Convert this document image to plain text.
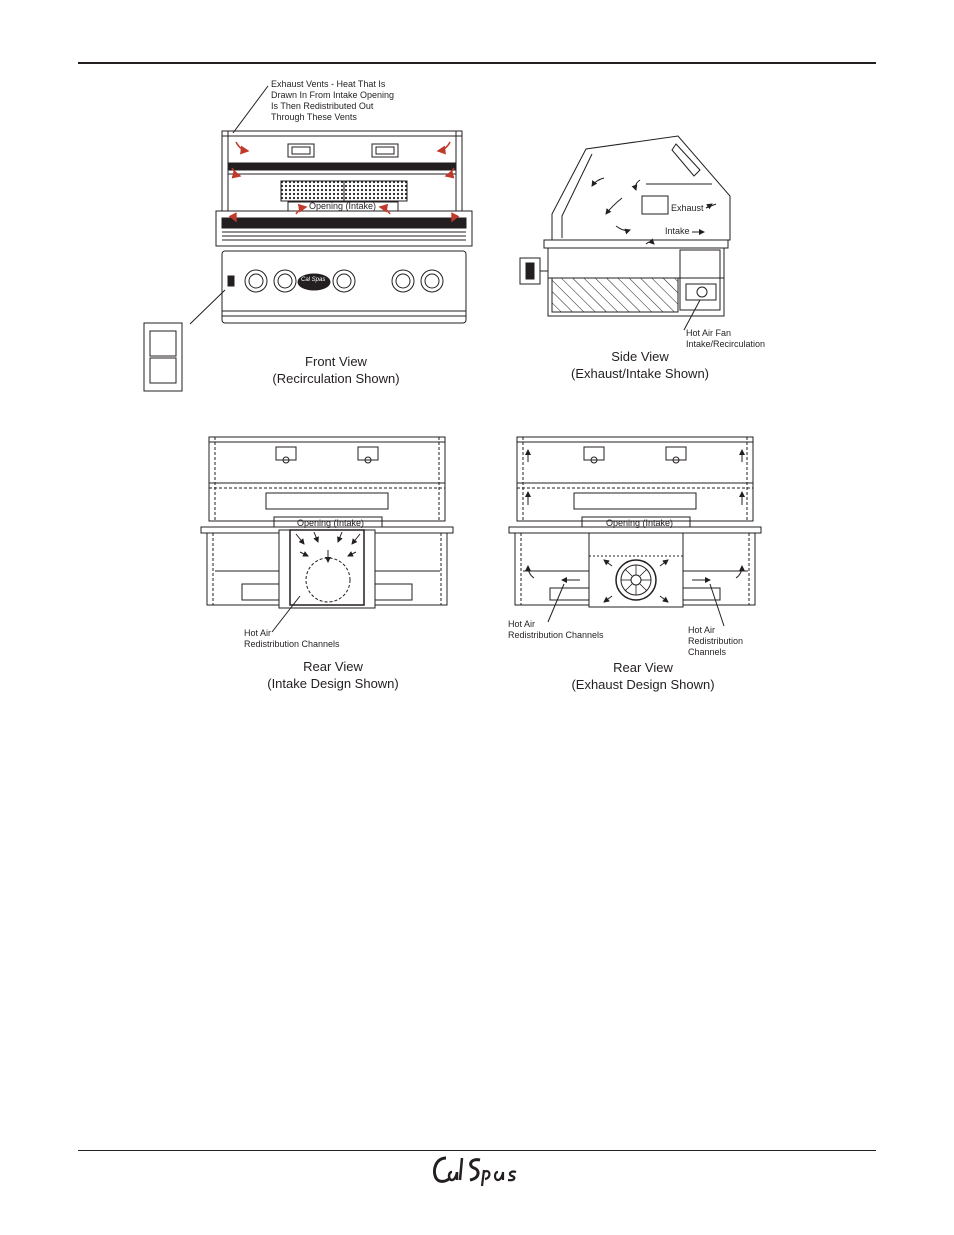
Exhaust Vents - Heat That Is
Drawn In From Intake Opening
Is Then Redistributed Out
Through These Vents
Opening (Intake)
Cal Spas
Front View
(Recirculation Shown)
Exhaust
Intake
Hot Air Fan
Intake/Recirculation
Side View
(Exhaust/Intake Shown)
Opening (Intake)
Hot Air
Redistribution Channels
Rear View
(Intake Design Shown)
Opening (Intake)
Hot Air
Redistribution Channels	Hot Air
Redistribution
Channels
Rear View
(Exhaust Design Shown)
